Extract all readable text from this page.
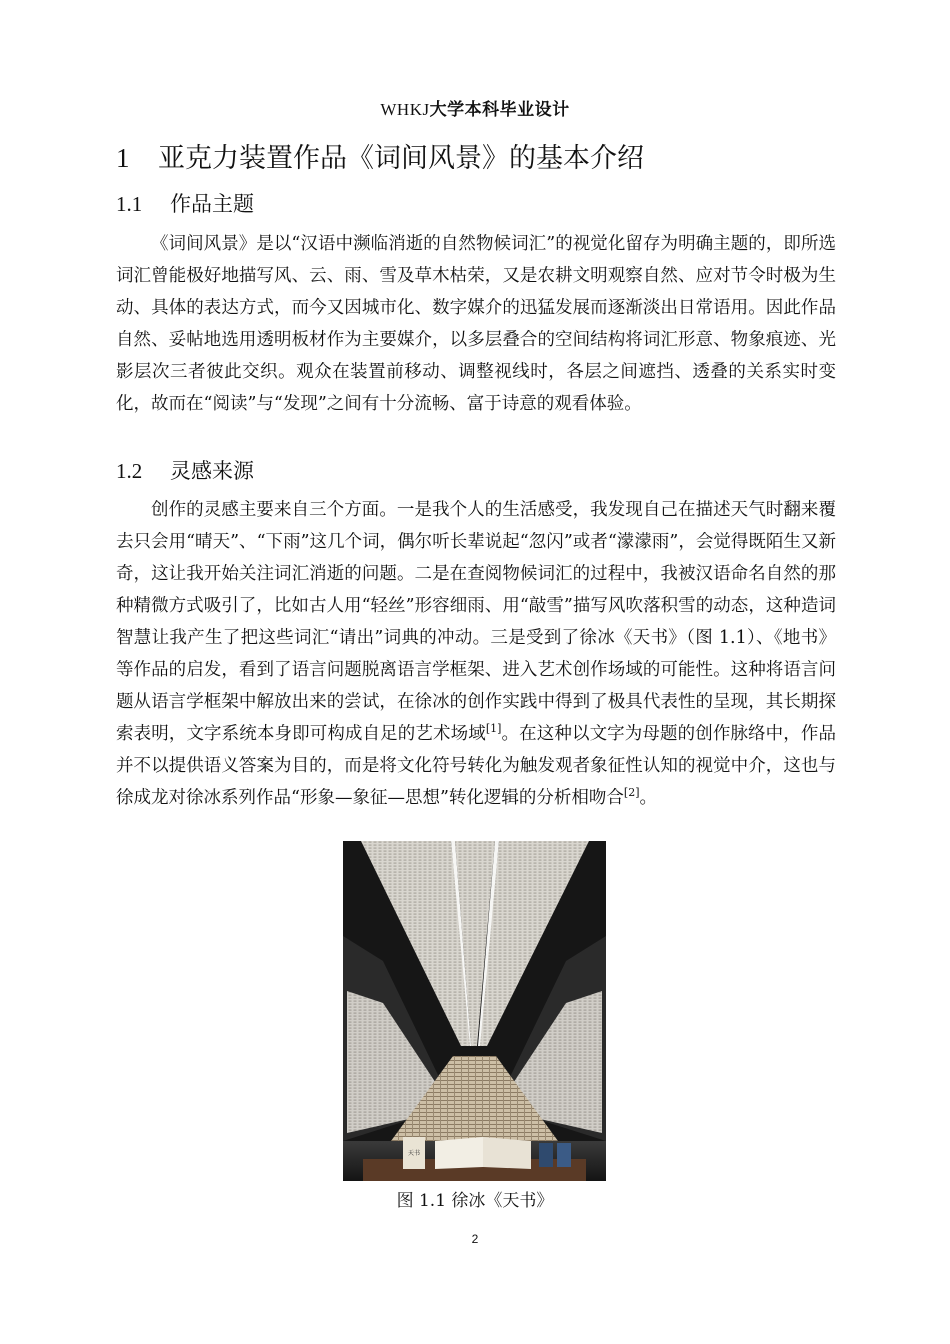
WHKJ大学本科毕业设计
1 亚克力装置作品《词间风景》的基本介绍
1.1 作品主题

《词间风景》是以“汉语中濒临消逝的自然物候词汇”的视觉化留存为明确主题的，即所选词汇曾能极好地描写风、云、雨、雪及草木枯荣，又是农耕文明观察自然、应对节令时极为生动、具体的表达方式，而今又因城市化、数字媒介的迅猛发展而逐渐淡出日常语用。因此作品自然、妥帖地选用透明板材作为主要媒介，以多层叠合的空间结构将词汇形意、物象痕迹、光影层次三者彼此交织。观众在装置前移动、调整视线时，各层之间遮挡、透叠的关系实时变化，故而在“阅读”与“发现”之间有十分流畅、富于诗意的观看体验。

1.2 灵感来源

创作的灵感主要来自三个方面。一是我个人的生活感受，我发现自己在描述天气时翻来覆去只会用“晴天”、“下雨”这几个词，偶尔听长辈说起“忽闪”或者“濛濛雨”，会觉得既陌生又新奇，这让我开始关注词汇消逝的问题。二是在查阅物候词汇的过程中，我被汉语命名自然的那种精微方式吸引了，比如古人用“轻丝”形容细雨、用“敲雪”描写风吹落积雪的动态，这种造词智慧让我产生了把这些词汇“请出”词典的冲动。三是受到了徐冰《天书》（图 1.1）、《地书》等作品的启发，看到了语言问题脱离语言学框架、进入艺术创作场域的可能性。这种将语言问题从语言学框架中解放出来的尝试，在徐冰的创作实践中得到了极具代表性的呈现，其长期探索表明，文字系统本身即可构成自足的艺术场域[1]。在这种以文字为母题的创作脉络中，作品并不以提供语义答案为目的，而是将文化符号转化为触发观者象征性认知的视觉中介，这也与徐成龙对徐冰系列作品“形象—象征—思想”转化逻辑的分析相吻合[2]。

天书
图 1.1 徐冰《天书》
2
